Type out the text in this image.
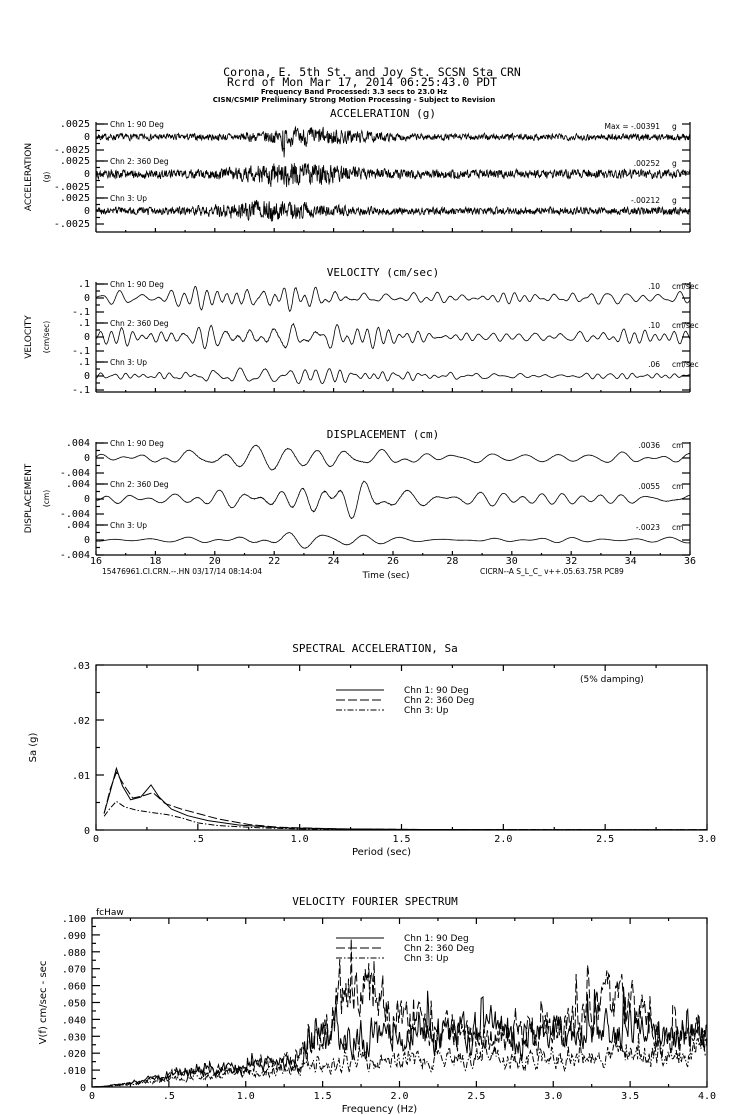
Corona, E. 5th St. and Joy St. SCSN Sta CRN
Rcrd of Mon Mar 17, 2014 06:25:43.0 PDT
Frequency Band Processed: 3.3 secs to 23.0 Hz
CISN/CSMIP Preliminary Strong Motion Processing - Subject to Revision
ACCELERATION (g)
ACCELERATION (g)
.0025
0
-.0025
Chn 1: 90 Deg	Max = -.00391 g
.0025
0
-.0025
Chn 2: 360 Deg	.00252 g
.0025
0
-.0025
Chn 3: Up	-.00212 g
VELOCITY (cm/sec)
VELOCITY (cm/sec)
.1
0
-.1
Chn 1: 90 Deg	.10 cm/sec
.1
0
-.1
Chn 2: 360 Deg	.10 cm/sec
.1
0
-.1
Chn 3: Up	.06 cm/sec
DISPLACEMENT (cm)
DISPLACEMENT (cm)
.004
0
-.004
Chn 1: 90 Deg	.0036 cm
.004
0
-.004
Chn 2: 360 Deg	.0055 cm
.004
0
-.004
Chn 3: Up	-.0023 cm
16	18	20	22	24	26	28	30	32	34	36
Time (sec)
15476961.CI.CRN.--.HN 03/17/14 08:14:04	CICRN--A S_L_C_ v++.05.63.75R PC89
SPECTRAL ACCELERATION, Sa
0	.5	1.0	1.5	2.0	2.5	3.0
.03
.02
.01
0
Sa (g)
Period (sec)
(5% damping)
Chn 1: 90 Deg
Chn 2: 360 Deg
Chn 3: Up
VELOCITY FOURIER SPECTRUM
0	.5	1.0	1.5	2.0	2.5	3.0	3.5	4.0
.100
.090
.080
.070
.060
.050
.040
.030
.020
.010
0
V(f) cm/sec - sec
Frequency (Hz)
fcHaw
Chn 1: 90 Deg
Chn 2: 360 Deg
Chn 3: Up
